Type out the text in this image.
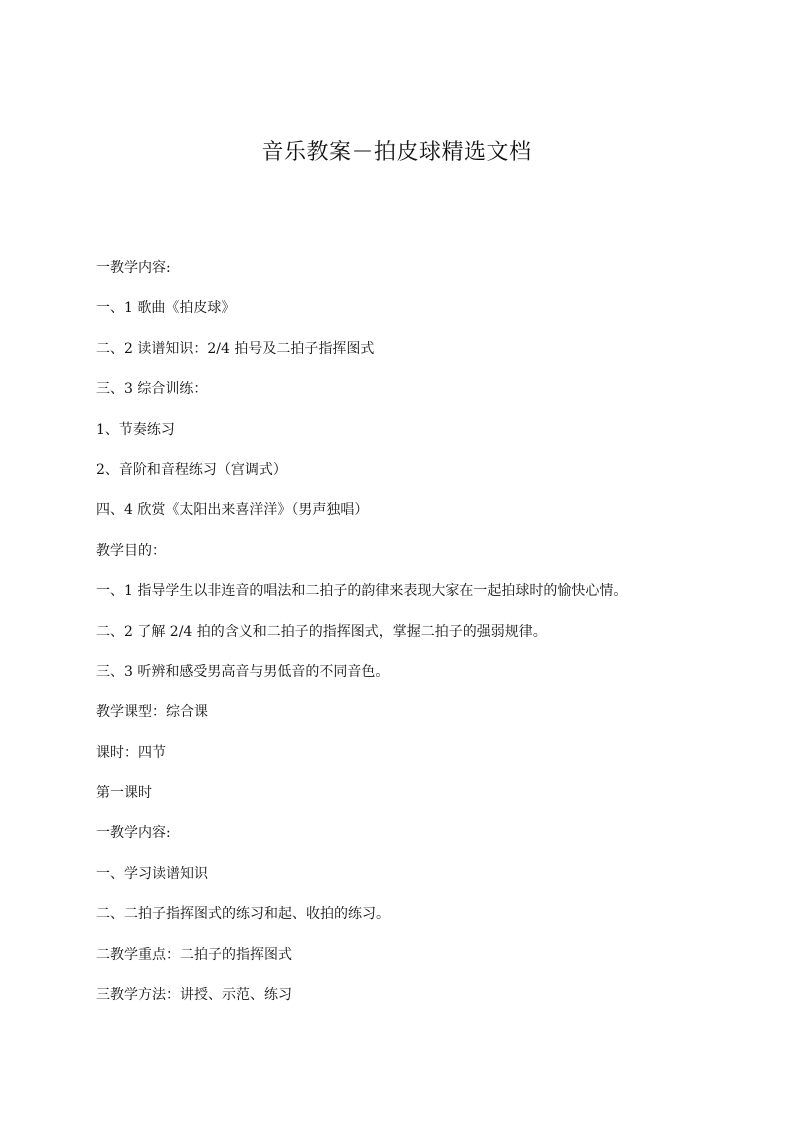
音乐教案－拍皮球精选文档
一教学内容:
一、1 歌曲《拍皮球》
二、2 读谱知识：2/4 拍号及二拍子指挥图式
三、3 综合训练：
1、节奏练习
2、音阶和音程练习（宫调式）
四、4 欣赏《太阳出来喜洋洋》（男声独唱）
教学目的：
一、1 指导学生以非连音的唱法和二拍子的韵律来表现大家在一起拍球时的愉快心情。
二、2 了解 2/4 拍的含义和二拍子的指挥图式，掌握二拍子的强弱规律。
三、3 听辨和感受男高音与男低音的不同音色。
教学课型：综合课
课时：四节
第一课时
一教学内容:
一、学习读谱知识
二、二拍子指挥图式的练习和起、收拍的练习。
二教学重点：二拍子的指挥图式
三教学方法：讲授、示范、练习
